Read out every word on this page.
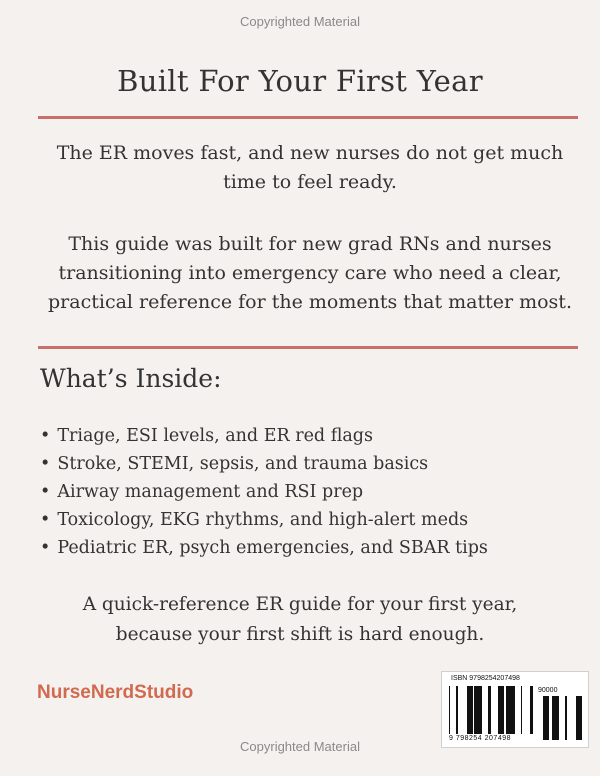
Copyrighted Material
Built For Your First Year
The ER moves fast, and new nurses do not get much
time to feel ready.
This guide was built for new grad RNs and nurses
transitioning into emergency care who need a clear,
practical reference for the moments that matter most.
What’s Inside:
• Triage, ESI levels, and ER red flags
• Stroke, STEMI, sepsis, and trauma basics
• Airway management and RSI prep
• Toxicology, EKG rhythms, and high-alert meds
• Pediatric ER, psych emergencies, and SBAR tips
A quick-reference ER guide for your first year,
because your first shift is hard enough.
NurseNerdStudio
ISBN 9798254207498
90000
9 798254 207498
Copyrighted Material
